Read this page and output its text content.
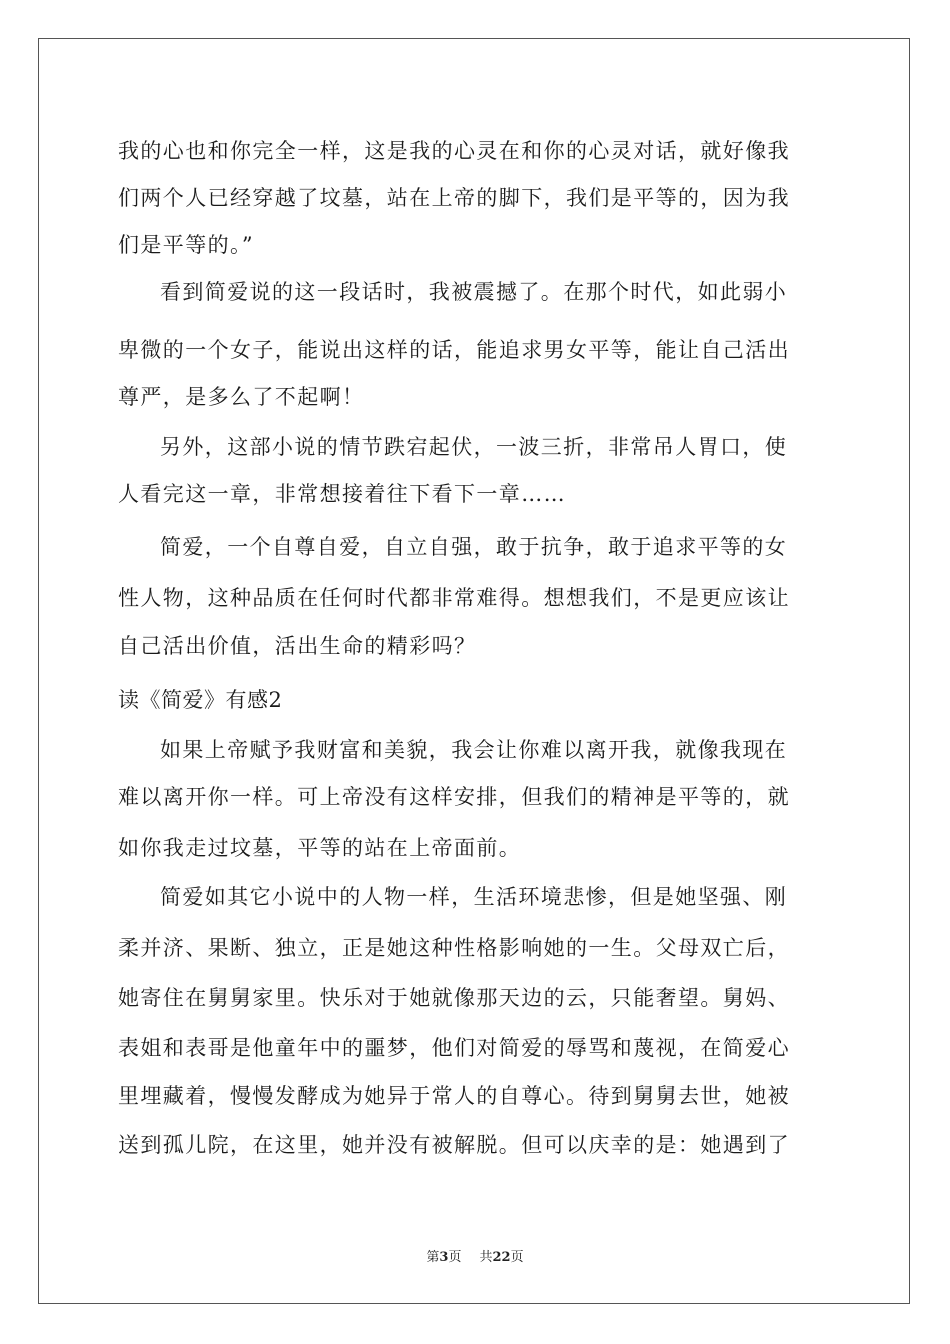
我的心也和你完全一样，这是我的心灵在和你的心灵对话，就好像我
们两个人已经穿越了坟墓，站在上帝的脚下，我们是平等的，因为我
们是平等的。”
看到简爱说的这一段话时，我被震撼了。在那个时代，如此弱小
卑微的一个女子，能说出这样的话，能追求男女平等，能让自己活出
尊严，是多么了不起啊！
另外，这部小说的情节跌宕起伏，一波三折，非常吊人胃口，使
人看完这一章，非常想接着往下看下一章……
简爱，一个自尊自爱，自立自强，敢于抗争，敢于追求平等的女
性人物，这种品质在任何时代都非常难得。想想我们，不是更应该让
自己活出价值，活出生命的精彩吗？
读《简爱》有感2
如果上帝赋予我财富和美貌，我会让你难以离开我，就像我现在
难以离开你一样。可上帝没有这样安排，但我们的精神是平等的，就
如你我走过坟墓，平等的站在上帝面前。
简爱如其它小说中的人物一样，生活环境悲惨，但是她坚强、刚
柔并济、果断、独立，正是她这种性格影响她的一生。父母双亡后，
她寄住在舅舅家里。快乐对于她就像那天边的云，只能奢望。舅妈、
表姐和表哥是他童年中的噩梦，他们对简爱的辱骂和蔑视，在简爱心
里埋藏着，慢慢发酵成为她异于常人的自尊心。待到舅舅去世，她被
送到孤儿院，在这里，她并没有被解脱。但可以庆幸的是：她遇到了
第3页 共22页
